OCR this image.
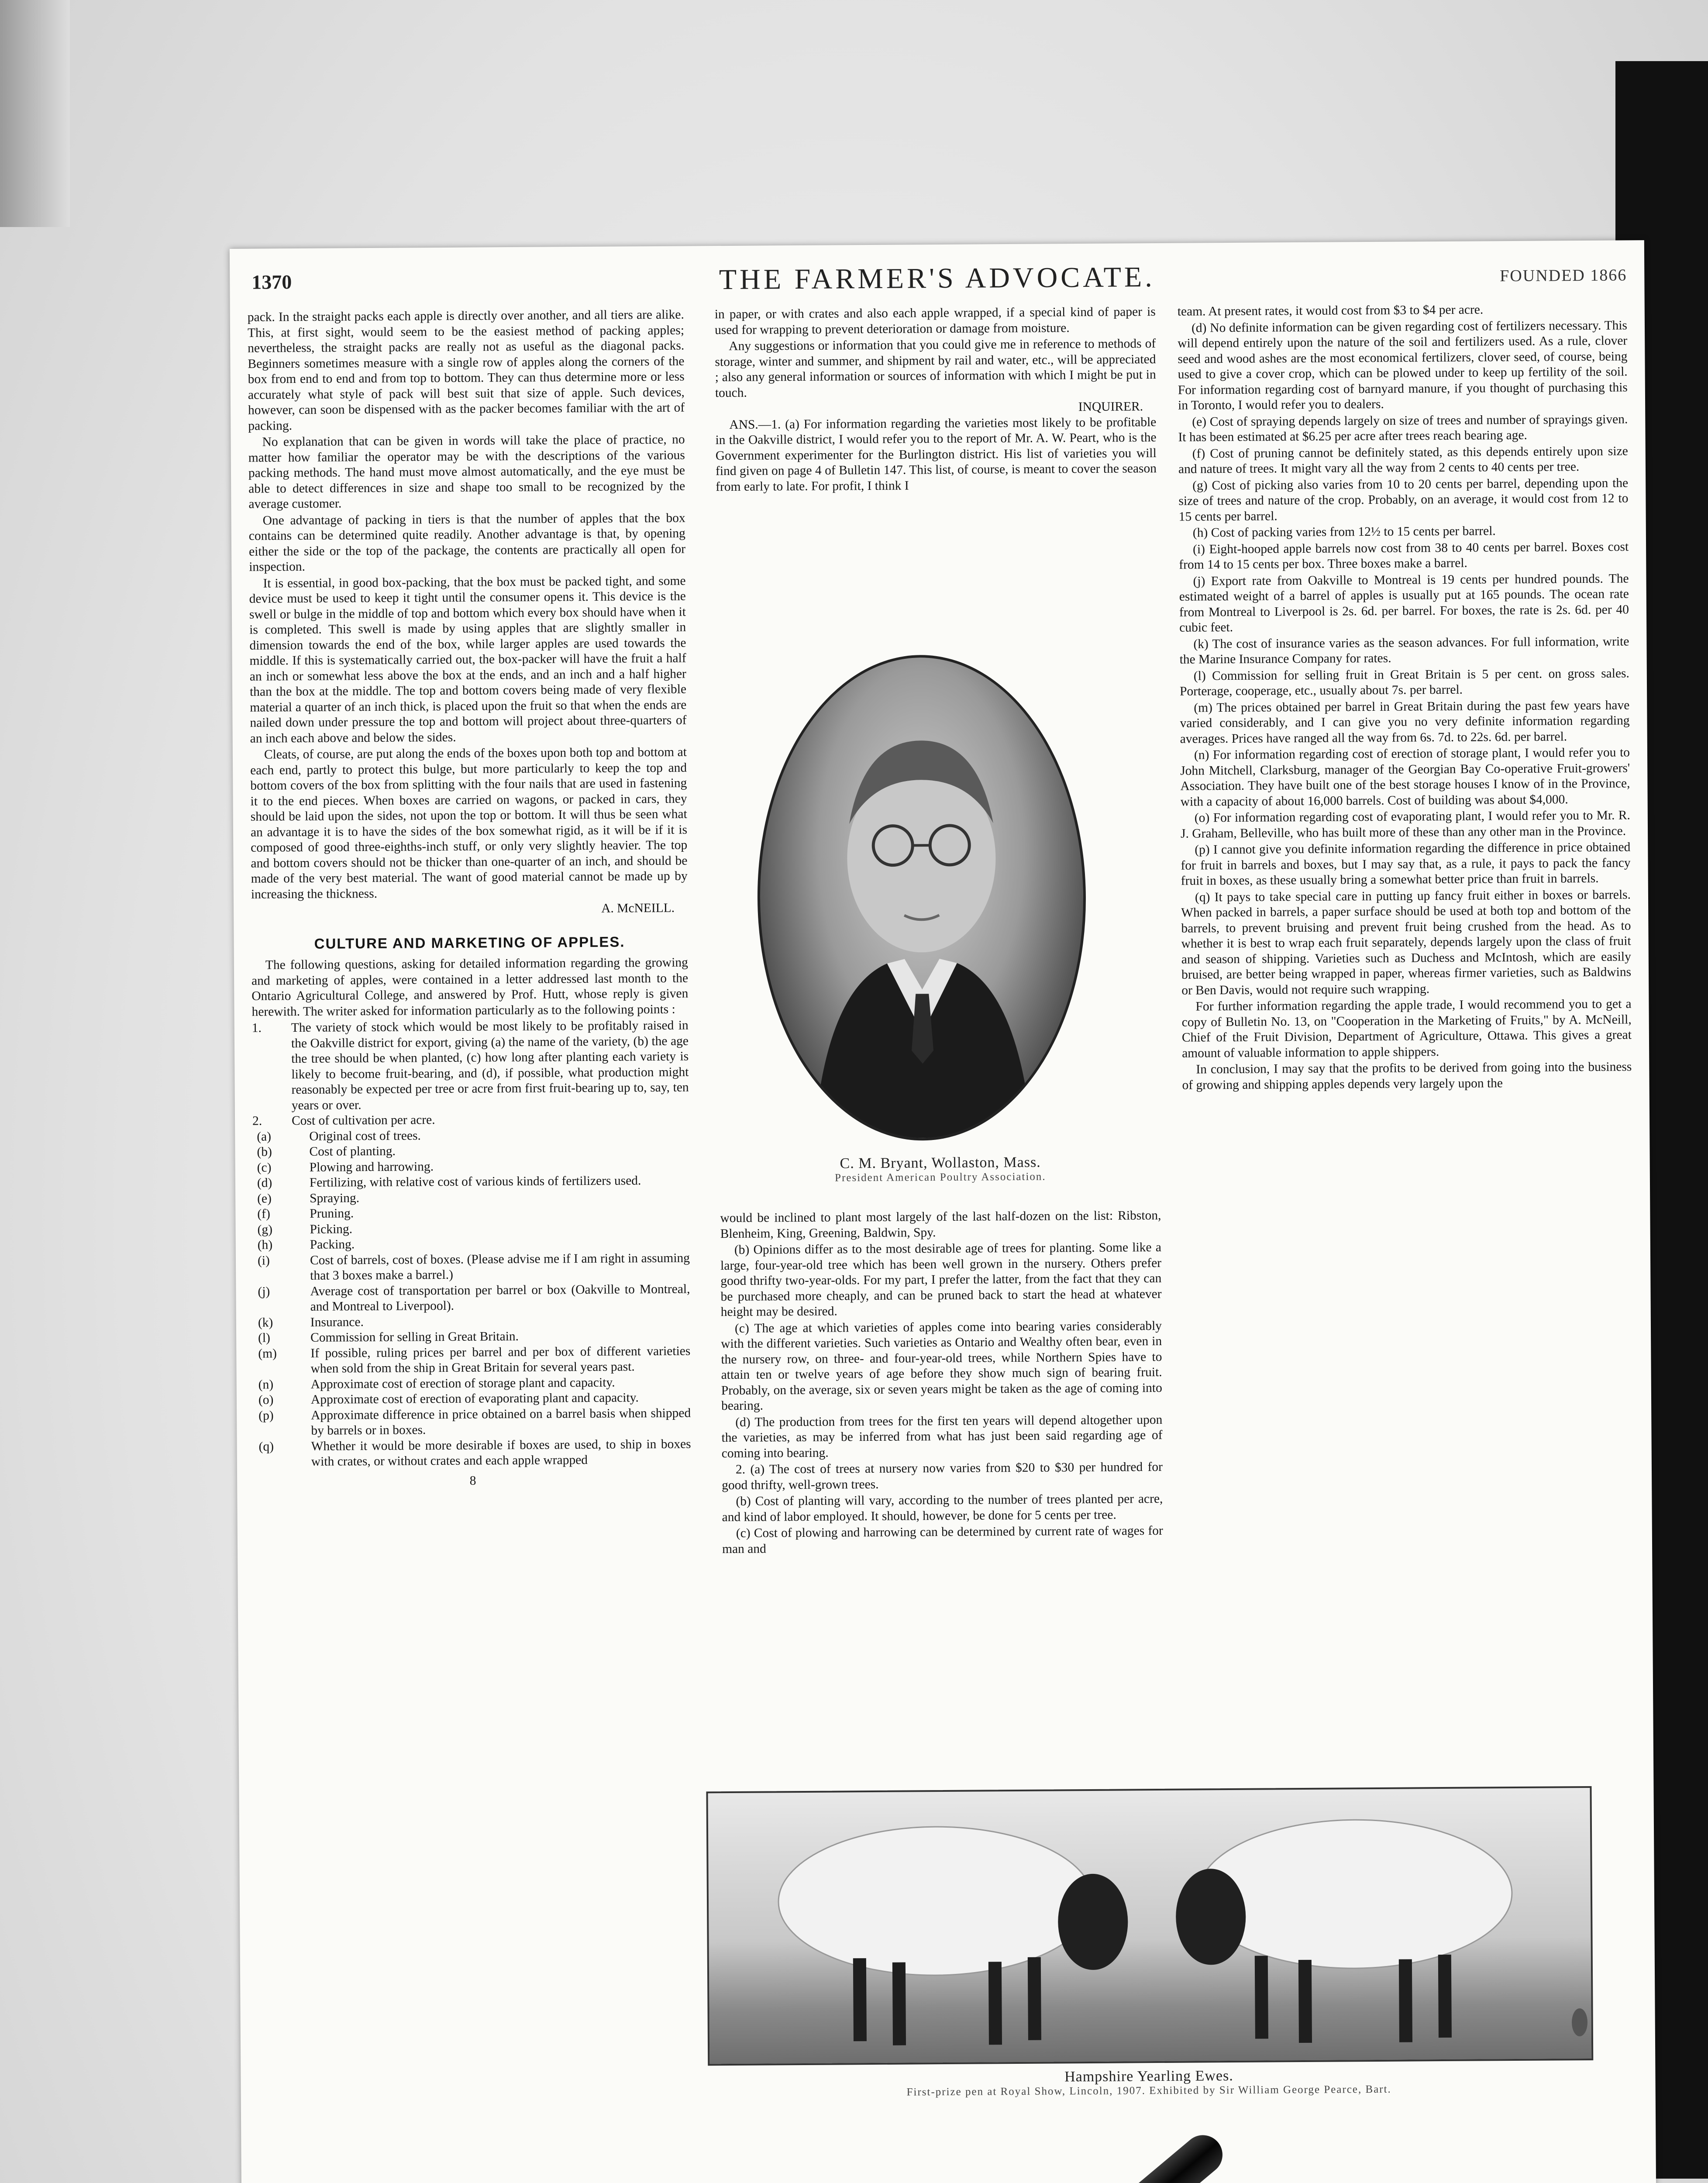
1370	THE FARMER'S ADVOCATE.	FOUNDED 1866

pack. In the straight packs each apple is directly over another, and all tiers are alike. This, at first sight, would seem to be the easiest method of packing apples; nevertheless, the straight packs are really not as useful as the diagonal packs. Beginners sometimes measure with a single row of apples along the corners of the box from end to end and from top to bottom. They can thus determine more or less accurately what style of pack will best suit that size of apple. Such devices, however, can soon be dispensed with as the packer becomes familiar with the art of packing.

No explanation that can be given in words will take the place of practice, no matter how familiar the operator may be with the descriptions of the various packing methods. The hand must move almost automatically, and the eye must be able to detect differences in size and shape too small to be recognized by the average customer.

One advantage of packing in tiers is that the number of apples that the box contains can be determined quite readily. Another advantage is that, by opening either the side or the top of the package, the contents are practically all open for inspection.

It is essential, in good box-packing, that the box must be packed tight, and some device must be used to keep it tight until the consumer opens it. This device is the swell or bulge in the middle of top and bottom which every box should have when it is completed. This swell is made by using apples that are slightly smaller in dimension towards the end of the box, while larger apples are used towards the middle. If this is systematically carried out, the box-packer will have the fruit a half an inch or somewhat less above the box at the ends, and an inch and a half higher than the box at the middle. The top and bottom covers being made of very flexible material a quarter of an inch thick, is placed upon the fruit so that when the ends are nailed down under pressure the top and bottom will project about three-quarters of an inch each above and below the sides.

Cleats, of course, are put along the ends of the boxes upon both top and bottom at each end, partly to protect this bulge, but more particularly to keep the top and bottom covers of the box from splitting with the four nails that are used in fastening it to the end pieces. When boxes are carried on wagons, or packed in cars, they should be laid upon the sides, not upon the top or bottom. It will thus be seen what an advantage it is to have the sides of the box somewhat rigid, as it will be if it is composed of good three-eighths-inch stuff, or only very slightly heavier. The top and bottom covers should not be thicker than one-quarter of an inch, and should be made of the very best material. The want of good material cannot be made up by increasing the thickness.

A. McNEILL.
CULTURE AND MARKETING OF APPLES.

The following questions, asking for detailed information regarding the growing and marketing of apples, were contained in a letter addressed last month to the Ontario Agricultural College, and answered by Prof. Hutt, whose reply is given herewith. The writer asked for information particularly as to the following points :

1.	The variety of stock which would be most likely to be profitably raised in the Oakville district for export, giving (a) the name of the variety, (b) the age the tree should be when planted, (c) how long after planting each variety is likely to become fruit-bearing, and (d), if possible, what production might reasonably be expected per tree or acre from first fruit-bearing up to, say, ten years or over.
2.	Cost of cultivation per acre.
(a)	Original cost of trees.
(b)	Cost of planting.
(c)	Plowing and harrowing.
(d)	Fertilizing, with relative cost of various kinds of fertilizers used.
(e)	Spraying.
(f)	Pruning.
(g)	Picking.
(h)	Packing.
(i)	Cost of barrels, cost of boxes. (Please advise me if I am right in assuming that 3 boxes make a barrel.)
(j)	Average cost of transportation per barrel or box (Oakville to Montreal, and Montreal to Liverpool).
(k)	Insurance.
(l)	Commission for selling in Great Britain.
(m)	If possible, ruling prices per barrel and per box of different varieties when sold from the ship in Great Britain for several years past.
(n)	Approximate cost of erection of storage plant and capacity.
(o)	Approximate cost of erection of evaporating plant and capacity.
(p)	Approximate difference in price obtained on a barrel basis when shipped by barrels or in boxes.
(q)	Whether it would be more desirable if boxes are used, to ship in boxes with crates, or without crates and each apple wrapped
8

in paper, or with crates and also each apple wrapped, if a special kind of paper is used for wrapping to prevent deterioration or damage from moisture.

Any suggestions or information that you could give me in reference to methods of storage, winter and summer, and shipment by rail and water, etc., will be appreciated ; also any general information or sources of information with which I might be put in touch.

INQUIRER.

ANS.—1. (a) For information regarding the varieties most likely to be profitable in the Oakville district, I would refer you to the report of Mr. A. W. Peart, who is the Government experimenter for the Burlington district. His list of varieties you will find given on page 4 of Bulletin 147. This list, of course, is meant to cover the season from early to late. For profit, I think I

C. M. Bryant, Wollaston, Mass.
President American Poultry Association.

would be inclined to plant most largely of the last half-dozen on the list: Ribston, Blenheim, King, Greening, Baldwin, Spy.

(b) Opinions differ as to the most desirable age of trees for planting. Some like a large, four-year-old tree which has been well grown in the nursery. Others prefer good thrifty two-year-olds. For my part, I prefer the latter, from the fact that they can be purchased more cheaply, and can be pruned back to start the head at whatever height may be desired.

(c) The age at which varieties of apples come into bearing varies considerably with the different varieties. Such varieties as Ontario and Wealthy often bear, even in the nursery row, on three- and four-year-old trees, while Northern Spies have to attain ten or twelve years of age before they show much sign of bearing fruit. Probably, on the average, six or seven years might be taken as the age of coming into bearing.

(d) The production from trees for the first ten years will depend altogether upon the varieties, as may be inferred from what has just been said regarding age of coming into bearing.

2. (a) The cost of trees at nursery now varies from $20 to $30 per hundred for good thrifty, well-grown trees.

(b) Cost of planting will vary, according to the number of trees planted per acre, and kind of labor employed. It should, however, be done for 5 cents per tree.

(c) Cost of plowing and harrowing can be determined by current rate of wages for man and

team. At present rates, it would cost from $3 to $4 per acre.

(d) No definite information can be given regarding cost of fertilizers necessary. This will depend entirely upon the nature of the soil and fertilizers used. As a rule, clover seed and wood ashes are the most economical fertilizers, clover seed, of course, being used to give a cover crop, which can be plowed under to keep up fertility of the soil. For information regarding cost of barnyard manure, if you thought of purchasing this in Toronto, I would refer you to dealers.

(e) Cost of spraying depends largely on size of trees and number of sprayings given. It has been estimated at $6.25 per acre after trees reach bearing age.

(f) Cost of pruning cannot be definitely stated, as this depends entirely upon size and nature of trees. It might vary all the way from 2 cents to 40 cents per tree.

(g) Cost of picking also varies from 10 to 20 cents per barrel, depending upon the size of trees and nature of the crop. Probably, on an average, it would cost from 12 to 15 cents per barrel.

(h) Cost of packing varies from 12½ to 15 cents per barrel.

(i) Eight-hooped apple barrels now cost from 38 to 40 cents per barrel. Boxes cost from 14 to 15 cents per box. Three boxes make a barrel.

(j) Export rate from Oakville to Montreal is 19 cents per hundred pounds. The estimated weight of a barrel of apples is usually put at 165 pounds. The ocean rate from Montreal to Liverpool is 2s. 6d. per barrel. For boxes, the rate is 2s. 6d. per 40 cubic feet.

(k) The cost of insurance varies as the season advances. For full information, write the Marine Insurance Company for rates.

(l) Commission for selling fruit in Great Britain is 5 per cent. on gross sales. Porterage, cooperage, etc., usually about 7s. per barrel.

(m) The prices obtained per barrel in Great Britain during the past few years have varied considerably, and I can give you no very definite information regarding averages. Prices have ranged all the way from 6s. 7d. to 22s. 6d. per barrel.

(n) For information regarding cost of erection of storage plant, I would refer you to John Mitchell, Clarksburg, manager of the Georgian Bay Co-operative Fruit-growers' Association. They have built one of the best storage houses I know of in the Province, with a capacity of about 16,000 barrels. Cost of building was about $4,000.

(o) For information regarding cost of evaporating plant, I would refer you to Mr. R. J. Graham, Belleville, who has built more of these than any other man in the Province.

(p) I cannot give you definite information regarding the difference in price obtained for fruit in barrels and boxes, but I may say that, as a rule, it pays to pack the fancy fruit in boxes, as these usually bring a somewhat better price than fruit in barrels.

(q) It pays to take special care in putting up fancy fruit either in boxes or barrels. When packed in barrels, a paper surface should be used at both top and bottom of the barrels, to prevent bruising and prevent fruit being crushed from the head. As to whether it is best to wrap each fruit separately, depends largely upon the class of fruit and season of shipping. Varieties such as Duchess and McIntosh, which are easily bruised, are better being wrapped in paper, whereas firmer varieties, such as Baldwins or Ben Davis, would not require such wrapping.

For further information regarding the apple trade, I would recommend you to get a copy of Bulletin No. 13, on "Cooperation in the Marketing of Fruits," by A. McNeill, Chief of the Fruit Division, Department of Agriculture, Ottawa. This gives a great amount of valuable information to apple shippers.

In conclusion, I may say that the profits to be derived from going into the business of growing and shipping apples depends very largely upon the

Hampshire Yearling Ewes.
First-prize pen at Royal Show, Lincoln, 1907. Exhibited by Sir William George Pearce, Bart.
